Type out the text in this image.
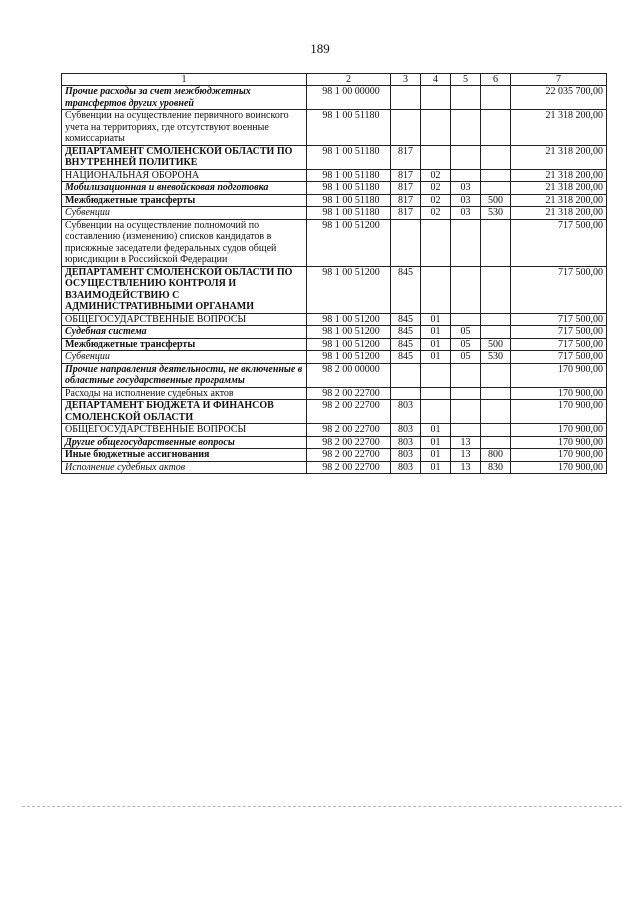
189
1	2	3	4	5	6	7
Прочие расходы за счет межбюджетных трансфертов других уровней	98 1 00 00000					22 035 700,00
Субвенции на осуществление первичного воинского учета на территориях, где отсутствуют военные комиссариаты	98 1 00 51180					21 318 200,00
ДЕПАРТАМЕНТ СМОЛЕНСКОЙ ОБЛАСТИ ПО ВНУТРЕННЕЙ ПОЛИТИКЕ	98 1 00 51180	817				21 318 200,00
НАЦИОНАЛЬНАЯ ОБОРОНА	98 1 00 51180	817	02			21 318 200,00
Мобилизационная и вневойсковая подготовка	98 1 00 51180	817	02	03		21 318 200,00
Межбюджетные трансферты	98 1 00 51180	817	02	03	500	21 318 200,00
Субвенции	98 1 00 51180	817	02	03	530	21 318 200,00
Субвенции на осуществление полномочий по составлению (изменению) списков кандидатов в присяжные заседатели федеральных судов общей юрисдикции в Российской Федерации	98 1 00 51200					717 500,00
ДЕПАРТАМЕНТ СМОЛЕНСКОЙ ОБЛАСТИ ПО ОСУЩЕСТВЛЕНИЮ КОНТРОЛЯ И ВЗАИМОДЕЙСТВИЮ С АДМИНИСТРАТИВНЫМИ ОРГАНАМИ	98 1 00 51200	845				717 500,00
ОБЩЕГОСУДАРСТВЕННЫЕ ВОПРОСЫ	98 1 00 51200	845	01			717 500,00
Судебная система	98 1 00 51200	845	01	05		717 500,00
Межбюджетные трансферты	98 1 00 51200	845	01	05	500	717 500,00
Субвенции	98 1 00 51200	845	01	05	530	717 500,00
Прочие направления деятельности, не включенные в областные государственные программы	98 2 00 00000					170 900,00
Расходы на исполнение судебных актов	98 2 00 22700					170 900,00
ДЕПАРТАМЕНТ БЮДЖЕТА И ФИНАНСОВ СМОЛЕНСКОЙ ОБЛАСТИ	98 2 00 22700	803				170 900,00
ОБЩЕГОСУДАРСТВЕННЫЕ ВОПРОСЫ	98 2 00 22700	803	01			170 900,00
Другие общегосударственные вопросы	98 2 00 22700	803	01	13		170 900,00
Иные бюджетные ассигнования	98 2 00 22700	803	01	13	800	170 900,00
Исполнение судебных актов	98 2 00 22700	803	01	13	830	170 900,00
